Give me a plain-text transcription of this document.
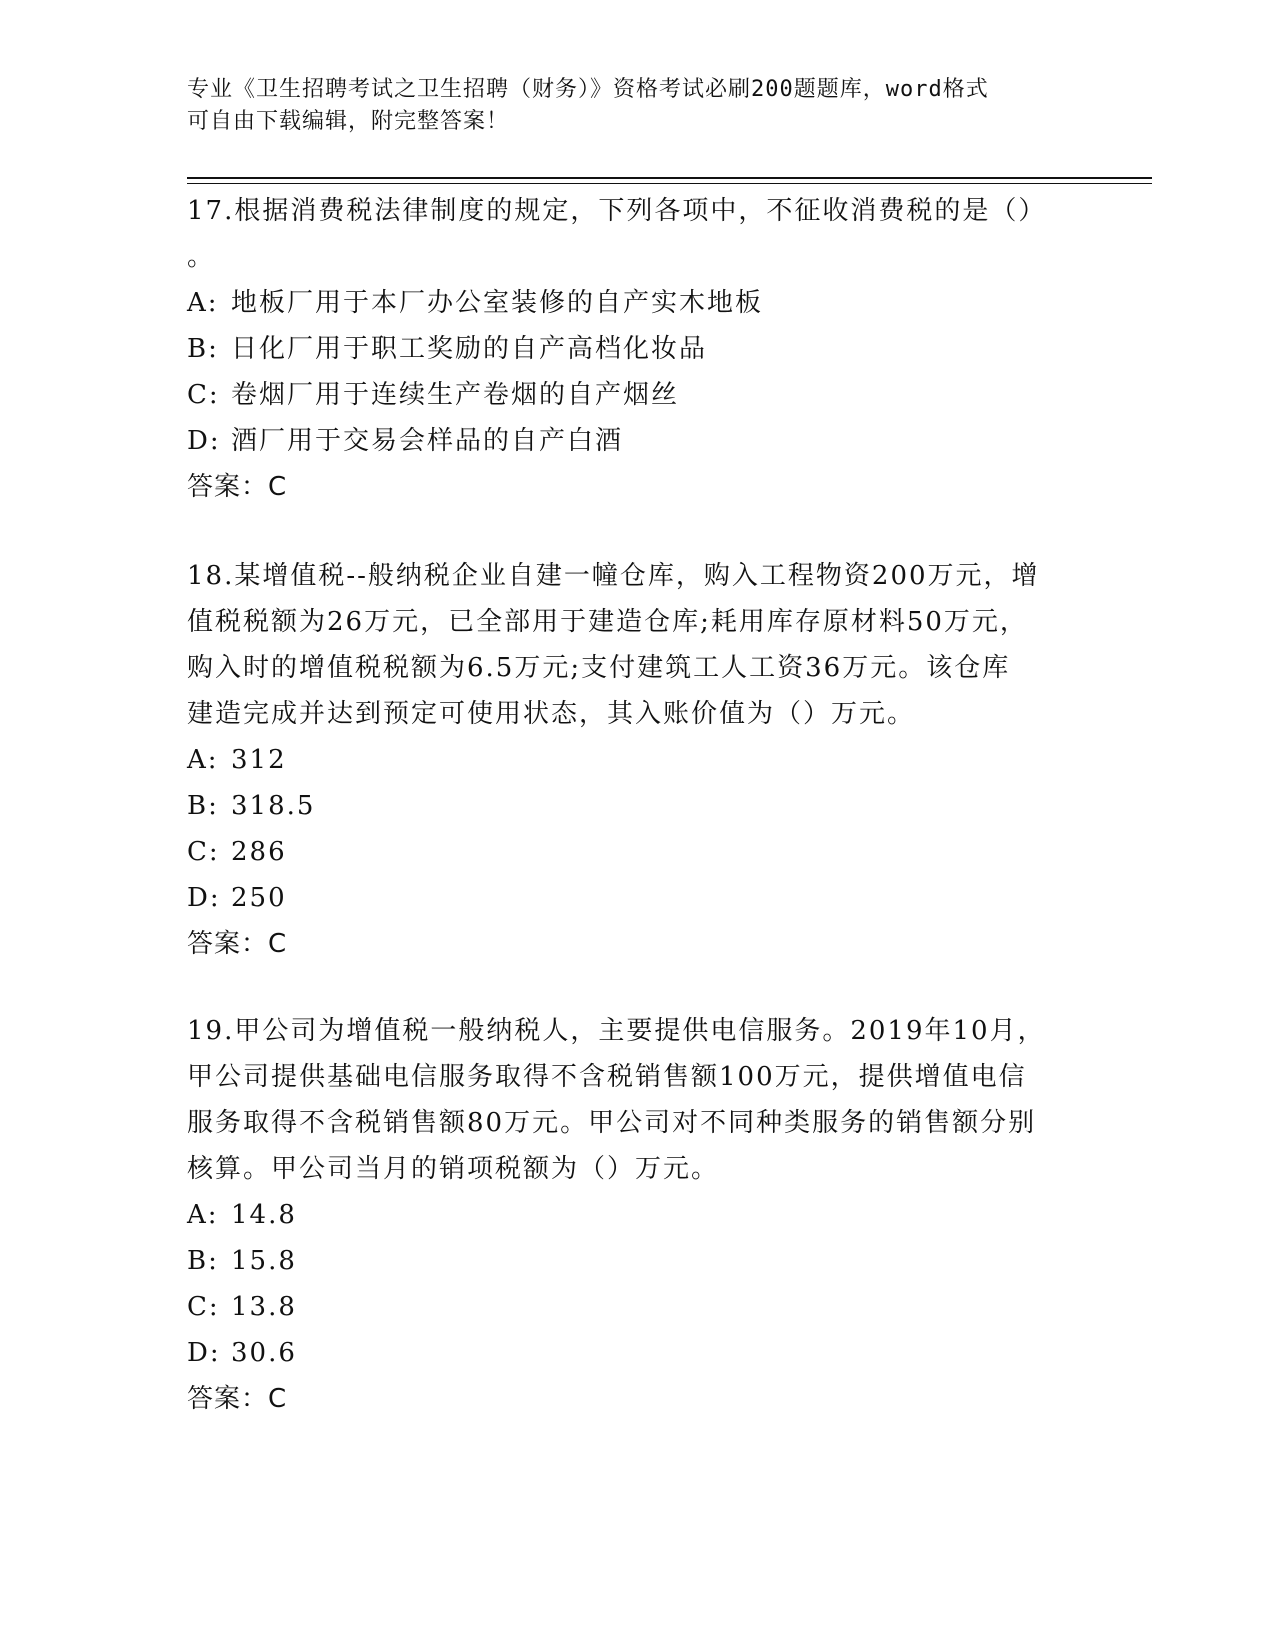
专业《卫生招聘考试之卫生招聘（财务）》资格考试必刷200题题库，word格式
可自由下载编辑，附完整答案！
17.根据消费税法律制度的规定，下列各项中，不征收消费税的是（）
。
A: 地板厂用于本厂办公室装修的自产实木地板
B: 日化厂用于职工奖励的自产高档化妆品
C: 卷烟厂用于连续生产卷烟的自产烟丝
D: 酒厂用于交易会样品的自产白酒
答案：C
18.某增值税--般纳税企业自建一幢仓库，购入工程物资200万元，增
值税税额为26万元，已全部用于建造仓库;耗用库存原材料50万元，
购入时的增值税税额为6.5万元;支付建筑工人工资36万元。该仓库
建造完成并达到预定可使用状态，其入账价值为（）万元。
A: 312
B: 318.5
C: 286
D: 250
答案：C
19.甲公司为增值税一般纳税人，主要提供电信服务。2019年10月，
甲公司提供基础电信服务取得不含税销售额100万元，提供增值电信
服务取得不含税销售额80万元。甲公司对不同种类服务的销售额分别
核算。甲公司当月的销项税额为（）万元。
A: 14.8
B: 15.8
C: 13.8
D: 30.6
答案：C
